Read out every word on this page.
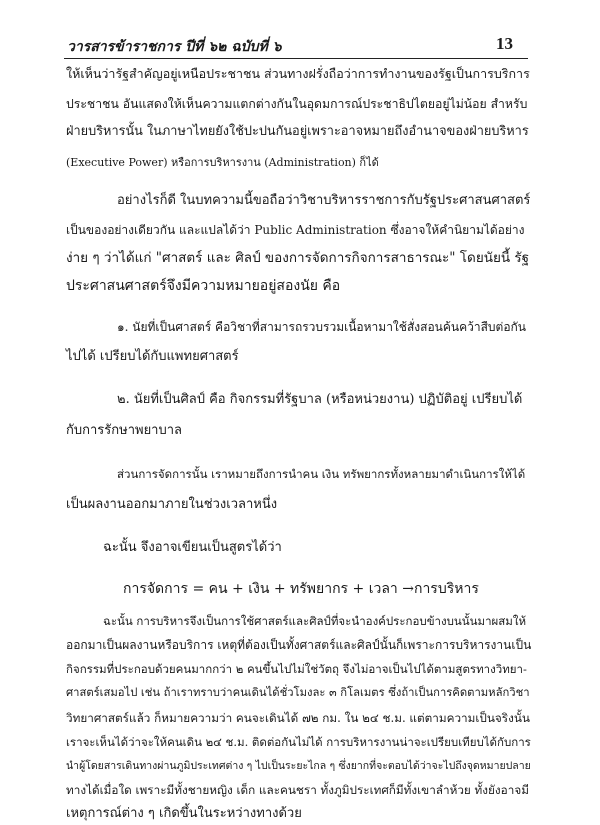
วารสารข้าราชการ ปีที่ ๖๒ ฉบับที่ ๖	13
ให้เห็นว่ารัฐสำคัญอยู่เหนือประชาชน ส่วนทางฝรั่งถือว่าการทำงานของรัฐเป็นการบริการ
ประชาชน อันแสดงให้เห็นความแตกต่างกันในอุดมการณ์ประชาธิปไตยอยู่ไม่น้อย สำหรับ
ฝ่ายบริหารนั้น ในภาษาไทยยังใช้ปะปนกันอยู่เพราะอาจหมายถึงอำนาจของฝ่ายบริหาร
(Executive Power) หรือการบริหารงาน (Administration) ก็ได้
อย่างไรก็ดี ในบทความนี้ขอถือว่าวิชาบริหารราชการกับรัฐประศาสนศาสตร์
เป็นของอย่างเดียวกัน และแปลได้ว่า Public Administration ซึ่งอาจให้คำนิยามได้อย่าง
ง่าย ๆ ว่าได้แก่ "ศาสตร์ และ ศิลป์ ของการจัดการกิจการสาธารณะ" โดยนัยนี้ รัฐ
ประศาสนศาสตร์จึงมีความหมายอยู่สองนัย คือ
๑. นัยที่เป็นศาสตร์ คือวิชาที่สามารถรวบรวมเนื้อหามาใช้สั่งสอนค้นคว้าสืบต่อกัน
ไปได้ เปรียบได้กับแพทยศาสตร์
๒. นัยที่เป็นศิลป์ คือ กิจกรรมที่รัฐบาล (หรือหน่วยงาน) ปฏิบัติอยู่ เปรียบได้
กับการรักษาพยาบาล
ส่วนการจัดการนั้น เราหมายถึงการนำคน เงิน ทรัพยากรทั้งหลายมาดำเนินการให้ได้
เป็นผลงานออกมาภายในช่วงเวลาหนึ่ง
ฉะนั้น จึงอาจเขียนเป็นสูตรได้ว่า
การจัดการ = คน + เงิน + ทรัพยากร + เวลา →การบริหาร
ฉะนั้น การบริหารจึงเป็นการใช้ศาสตร์และศิลป์ที่จะนำองค์ประกอบข้างบนนั้นมาผสมให้
ออกมาเป็นผลงานหรือบริการ เหตุที่ต้องเป็นทั้งศาสตร์และศิลป์นั้นก็เพราะการบริหารงานเป็น
กิจกรรมที่ประกอบด้วยคนมากกว่า ๒ คนขึ้นไปไม่ใช่วัตถุ จึงไม่อาจเป็นไปได้ตามสูตรทางวิทยา-
ศาสตร์เสมอไป เช่น ถ้าเราทราบว่าคนเดินได้ชั่วโมงละ ๓ กิโลเมตร ซึ่งถ้าเป็นการคิดตามหลักวิชา
วิทยาศาสตร์แล้ว ก็หมายความว่า คนจะเดินได้ ๗๒ กม. ใน ๒๔ ช.ม. แต่ตามความเป็นจริงนั้น
เราจะเห็นได้ว่าจะให้คนเดิน ๒๔ ช.ม. ติดต่อกันไม่ได้ การบริหารงานน่าจะเปรียบเทียบได้กับการ
นำผู้โดยสารเดินทางผ่านภูมิประเทศต่าง ๆ ไปเป็นระยะไกล ๆ ซึ่งยากที่จะตอบได้ว่าจะไปถึงจุดหมายปลาย
ทางได้เมื่อใด เพราะมีทั้งชายหญิง เด็ก และคนชรา ทั้งภูมิประเทศก็มีทั้งเขาลำห้วย ทั้งยังอาจมี
เหตุการณ์ต่าง ๆ เกิดขึ้นในระหว่างทางด้วย
